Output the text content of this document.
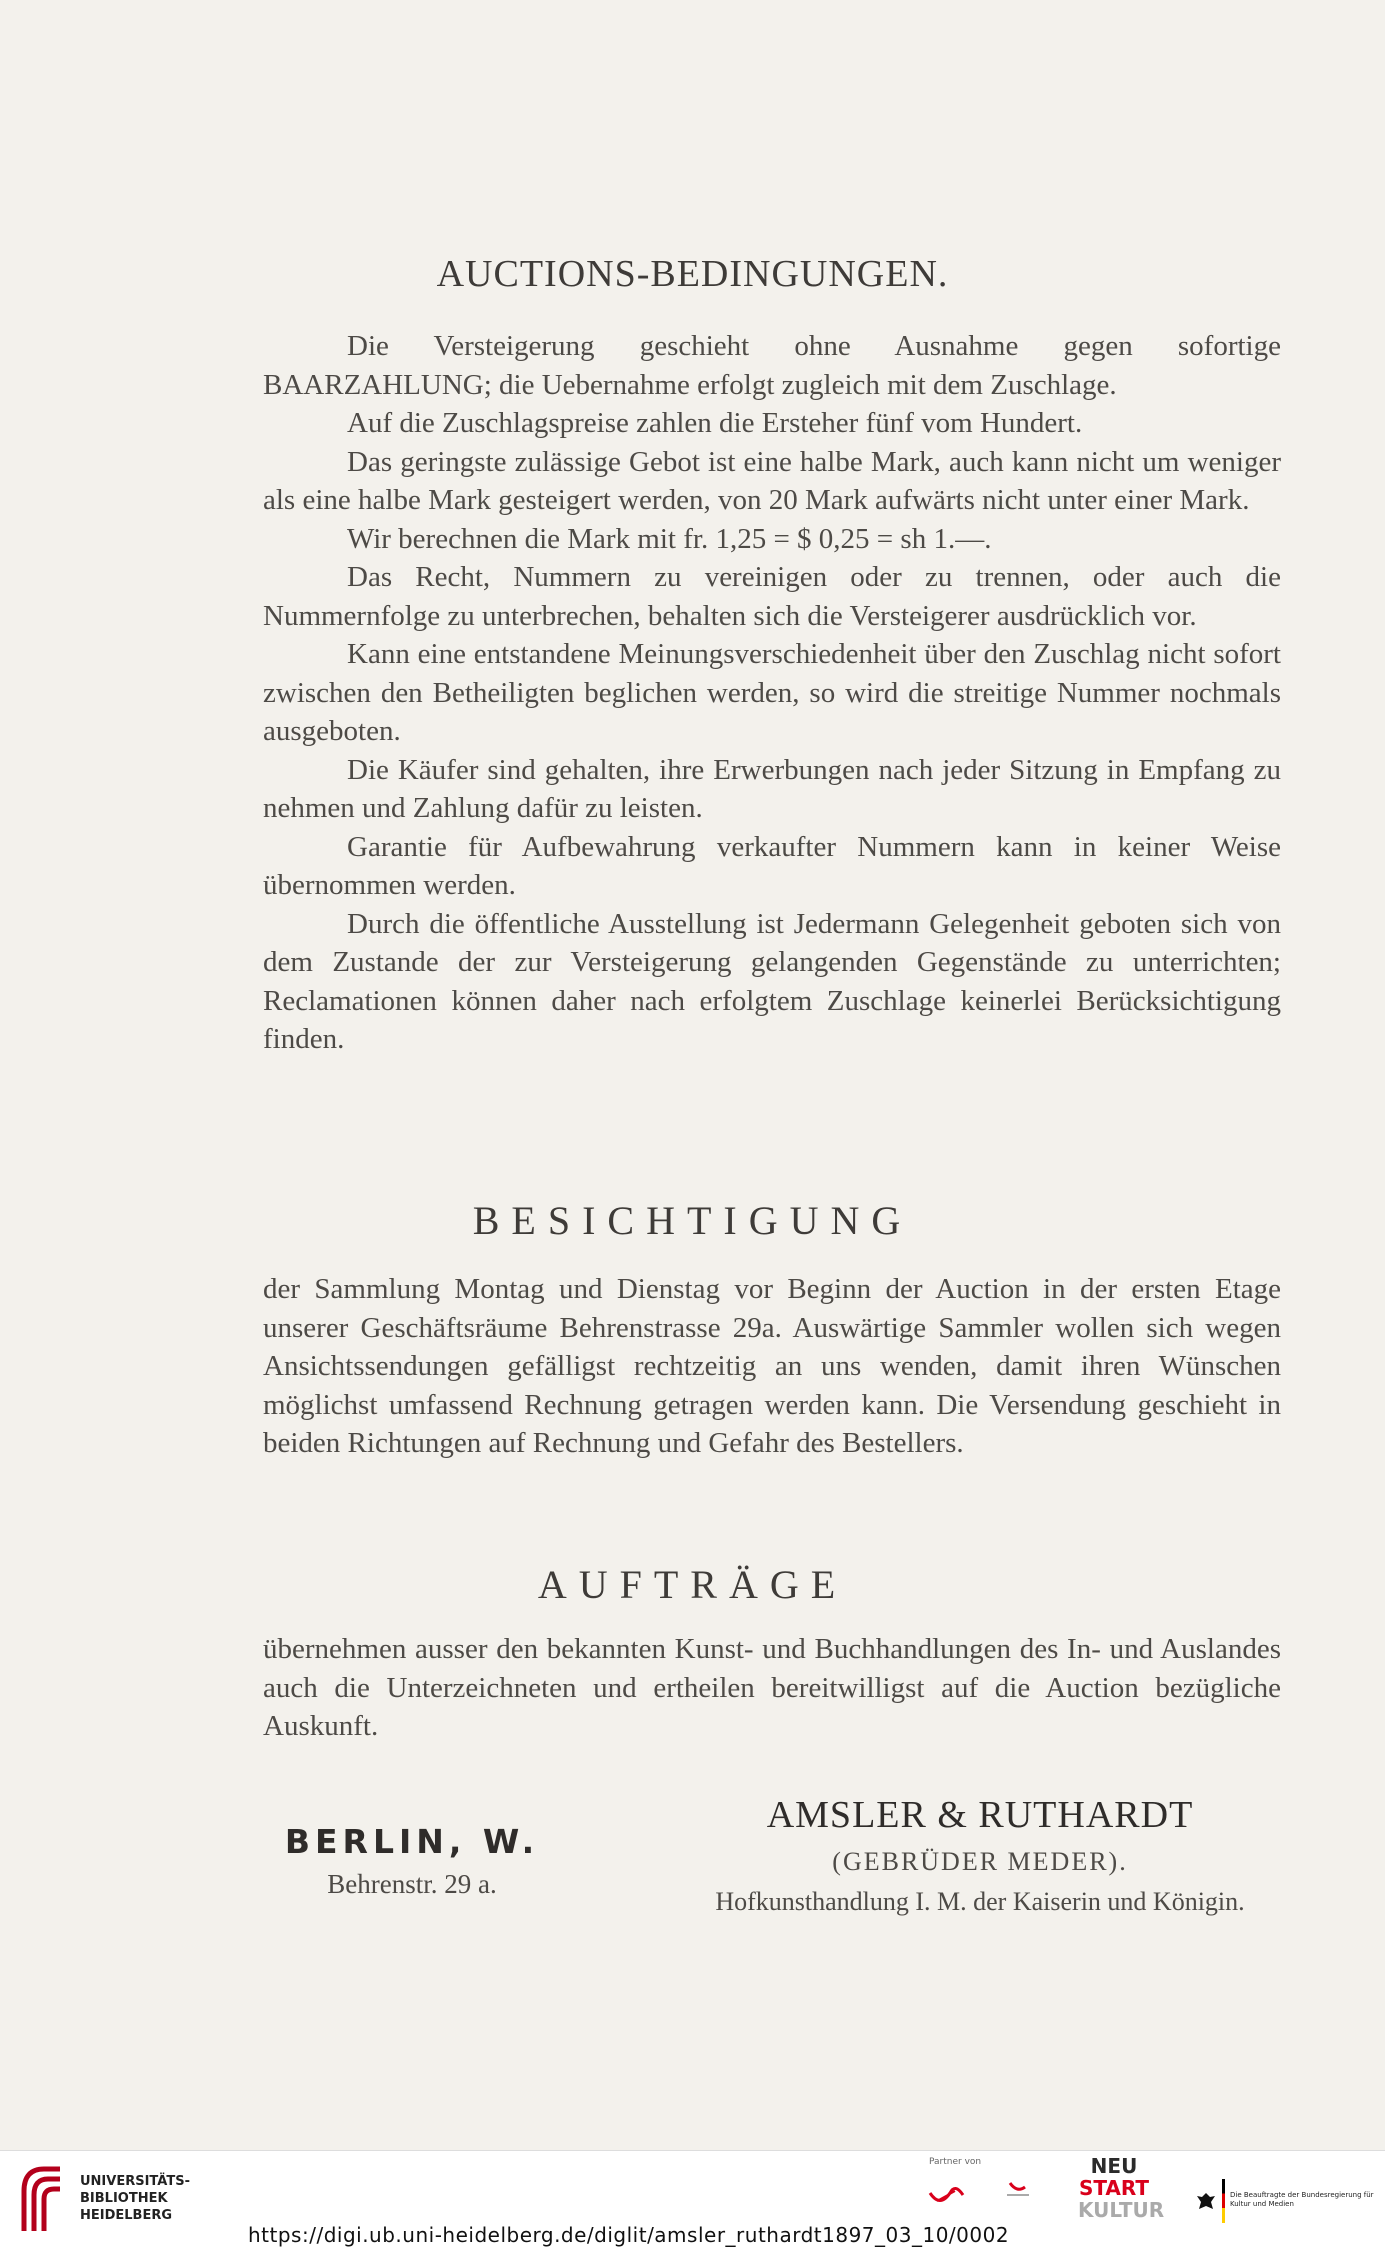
AUCTIONS-BEDINGUNGEN.

Die Versteigerung geschieht ohne Ausnahme gegen sofortige BAARZAHLUNG; die Uebernahme erfolgt zugleich mit dem Zuschlage.

Auf die Zuschlagspreise zahlen die Ersteher fünf vom Hundert.

Das geringste zulässige Gebot ist eine halbe Mark, auch kann nicht um weniger als eine halbe Mark gesteigert werden, von 20 Mark aufwärts nicht unter einer Mark.

Wir berechnen die Mark mit fr. 1,25 = $ 0,25 = sh 1.—.

Das Recht, Nummern zu vereinigen oder zu trennen, oder auch die Nummernfolge zu unterbrechen, behalten sich die Versteigerer ausdrücklich vor.

Kann eine entstandene Meinungsverschiedenheit über den Zuschlag nicht sofort zwischen den Betheiligten beglichen werden, so wird die streitige Nummer nochmals ausgeboten.

Die Käufer sind gehalten, ihre Erwerbungen nach jeder Sitzung in Empfang zu nehmen und Zahlung dafür zu leisten.

Garantie für Aufbewahrung verkaufter Nummern kann in keiner Weise übernommen werden.

Durch die öffentliche Ausstellung ist Jedermann Gelegenheit geboten sich von dem Zustande der zur Versteigerung gelangenden Gegenstände zu unterrichten; Reclamationen können daher nach erfolgtem Zuschlage keinerlei Berücksichtigung finden.

BESICHTIGUNG

der Sammlung Montag und Dienstag vor Beginn der Auction in der ersten Etage unserer Geschäftsräume Behrenstrasse 29a. Auswärtige Sammler wollen sich wegen Ansichtssendungen gefälligst rechtzeitig an uns wenden, damit ihren Wünschen möglichst umfassend Rechnung getragen werden kann. Die Versendung geschieht in beiden Richtungen auf Rechnung und Gefahr des Bestellers.

AUFTRÄGE

übernehmen ausser den bekannten Kunst- und Buchhandlungen des In- und Auslandes auch die Unterzeichneten und ertheilen bereitwilligst auf die Auction bezügliche Auskunft.

BERLIN, W.
Behrenstr. 29 a.
AMSLER & RUTHARDT
(GEBRÜDER MEDER).
Hofkunsthandlung I. M. der Kaiserin und Königin.
UNIVERSITÄTS-
BIBLIOTHEK
HEIDELBERG
https://digi.ub.uni-heidelberg.de/diglit/amsler_ruthardt1897_03_10/0002
Partner von	NEU
START
KULTUR
Die Beauftragte der Bundesregierung für Kultur und Medien
